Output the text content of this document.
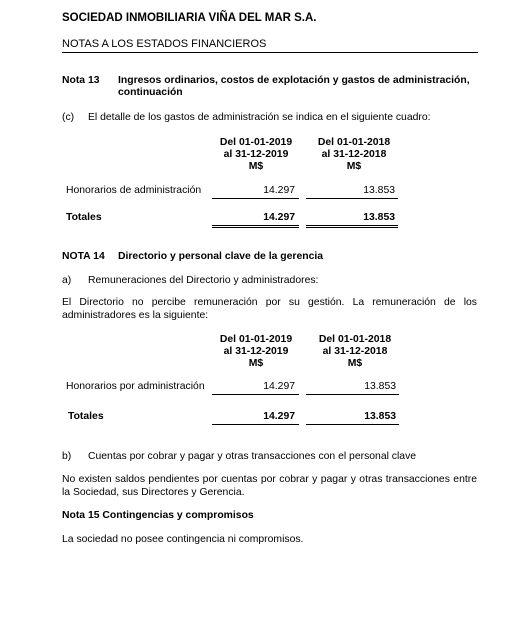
SOCIEDAD INMOBILIARIA VIÑA DEL MAR S.A.
NOTAS A LOS ESTADOS FINANCIEROS
Nota 13 Ingresos ordinarios, costos de explotación y gastos de administración,
continuación
(c) El detalle de los gastos de administración se indica en el siguiente cuadro:
Del 01-01-2019
al 31-12-2019
M$
Del 01-01-2018
al 31-12-2018
M$
Honorarios de administración	14.297	13.853
Totales	14.297	13.853
NOTA 14 Directorio y personal clave de la gerencia
a) Remuneraciones del Directorio y administradores:
El Directorio no percibe remuneración por su gestión. La remuneración de los administradores es la siguiente:
Del 01-01-2019
al 31-12-2019
M$
Del 01-01-2018
al 31-12-2018
M$
Honorarios por administración	14.297	13.853
Totales	14.297	13.853
b) Cuentas por cobrar y pagar y otras transacciones con el personal clave
No existen saldos pendientes por cuentas por cobrar y pagar y otras transacciones entre la Sociedad, sus Directores y Gerencia.
Nota 15 Contingencias y compromisos
La sociedad no posee contingencia ni compromisos.
